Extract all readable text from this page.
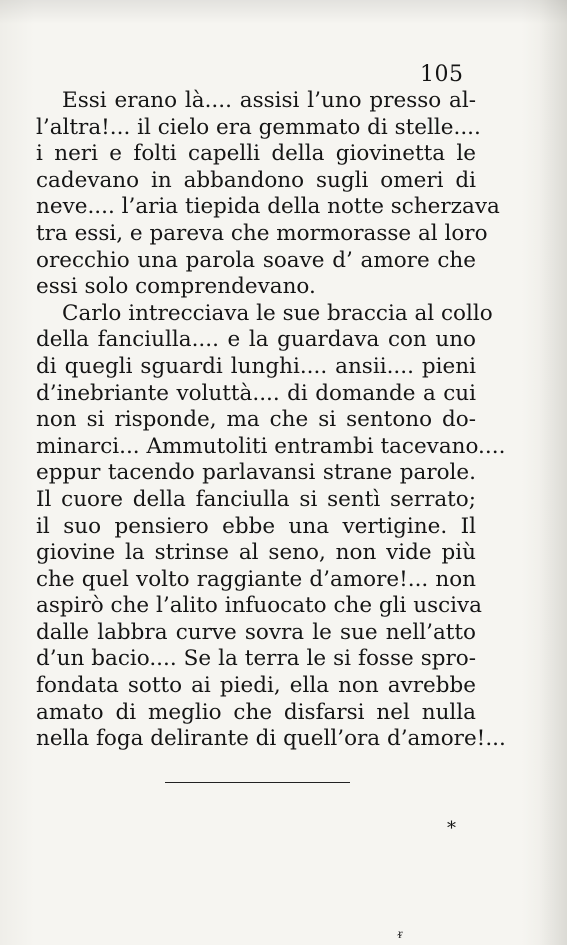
105
Essi erano là.... assisi l’uno presso al-
l’altra!... il cielo era gemmato di stelle....
i neri e folti capelli della giovinetta le
cadevano in abbandono sugli omeri di
neve.... l’aria tiepida della notte scherzava
tra essi, e pareva che mormorasse al loro
orecchio una parola soave d’ amore che
essi solo comprendevano.
Carlo intrecciava le sue braccia al collo
della fanciulla.... e la guardava con uno
di quegli sguardi lunghi.... ansii.... pieni
d’inebriante voluttà.... di domande a cui
non si risponde, ma che si sentono do-
minarci... Ammutoliti entrambi tacevano....
eppur tacendo parlavansi strane parole.
Il cuore della fanciulla si sentì serrato;
il suo pensiero ebbe una vertigine. Il
giovine la strinse al seno, non vide più
che quel volto raggiante d’amore!... non
aspirò che l’alito infuocato che gli usciva
dalle labbra curve sovra le sue nell’atto
d’un bacio.... Se la terra le si fosse spro-
fondata sotto ai piedi, ella non avrebbe
amato di meglio che disfarsi nel nulla
nella foga delirante di quell’ora d’amore!...
*
ᵲ
